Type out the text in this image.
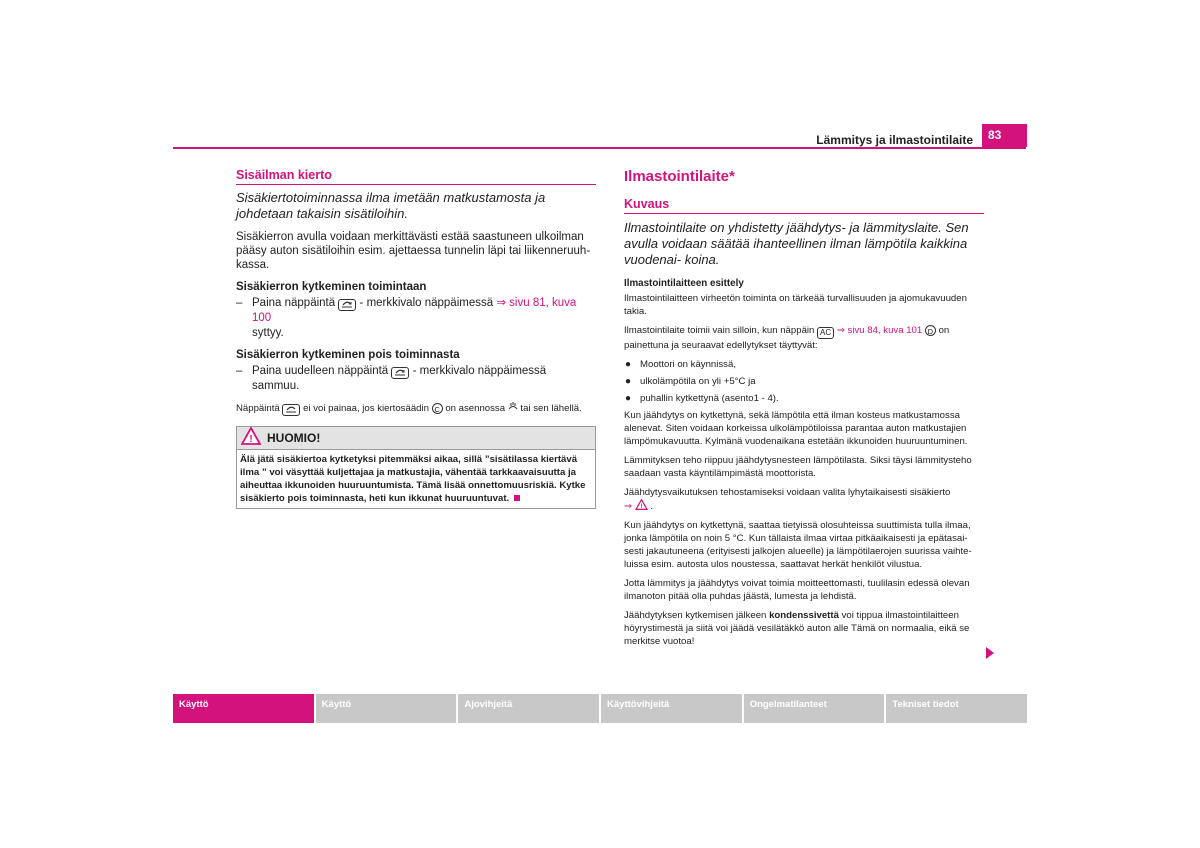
Lämmitys ja ilmastointilaite	83
Sisäilman kierto

Sisäkiertotoiminnassa ilma imetään matkustamosta ja johdetaan takaisin sisätiloihin.

Sisäkierron avulla voidaan merkittävästi estää saastuneen ulkoilman pääsy auton sisätiloihin esim. ajettaessa tunnelin läpi tai liikenneruuh- kassa.

Sisäkierron kytkeminen toimintaan

– Paina näppäintä - merkkivalo näppäimessä ⇒ sivu 81, kuva 100
syttyy.

Sisäkierron kytkeminen pois toiminnasta

– Paina uudelleen näppäintä - merkkivalo näppäimessä sammuu.

Näppäintä ei voi painaa, jos kiertosäädin C on asennossa tai sen lähellä.

! HUOMIO!
Älä jätä sisäkiertoa kytketyksi pitemmäksi aikaa, sillä ”sisätilassa kiertävä ilma ” voi väsyttää kuljettajaa ja matkustajia, vähentää tarkkaavaisuutta ja aiheuttaa ikkunoiden huuruuntumista. Tämä lisää onnettomuusriskiä. Kytke sisäkierto pois toiminnasta, heti kun ikkunat huuruuntuvat.
Ilmastointilaite*
Kuvaus

Ilmastointilaite on yhdistetty jäähdytys- ja lämmityslaite. Sen avulla voidaan säätää ihanteellinen ilman lämpötila kaikkina vuodenai- koina.

Ilmastointilaitteen esittely

Ilmastointilaitteen virheetön toiminta on tärkeää turvallisuuden ja ajomukavuuden takia.

Ilmastointilaite toimii vain silloin, kun näppäin AC ⇒ sivu 84, kuva 101 D on painettuna ja seuraavat edellytykset täyttyvät:

● Moottori on käynnissä,

● ulkolämpötila on yli +5°C ja

● puhallin kytkettynä (asento1 - 4).

Kun jäähdytys on kytkettynä, sekä lämpötila että ilman kosteus matkustamossa alenevat. Siten voidaan korkeissa ulkolämpötiloissa parantaa auton matkustajien lämpömukavuutta. Kylmänä vuodenaikana estetään ikkunoiden huuruuntuminen.

Lämmityksen teho riippuu jäähdytysnesteen lämpötilasta. Siksi täysi lämmitysteho saadaan vasta käyntilämpimästä moottorista.

Jäähdytysvaikutuksen tehostamiseksi voidaan valita lyhytaikaisesti sisäkierto
⇒ ! .

Kun jäähdytys on kytkettynä, saattaa tietyissä olosuhteissa suuttimista tulla ilmaa, jonka lämpötila on noin 5 °C. Kun tällaista ilmaa virtaa pitkäaikaisesti ja epätasai- sesti jakautuneena (erityisesti jalkojen alueelle) ja lämpötilaerojen suurissa vaihte- luissa esim. autosta ulos noustessa, saattavat herkät henkilöt vilustua.

Jotta lämmitys ja jäähdytys voivat toimia moitteettomasti, tuulilasin edessä olevan ilmanoton pitää olla puhdas jäästä, lumesta ja lehdistä.

Jäähdytyksen kytkemisen jälkeen kondenssivettä voi tippua ilmastointilaitteen höyrystimestä ja siitä voi jäädä vesilätäkkö auton alle Tämä on normaalia, eikä se merkitse vuotoa!

Käyttö	Käyttö	Ajovihjeitä	Käyttövihjeitä	Ongelmatilanteet	Tekniset tiedot
